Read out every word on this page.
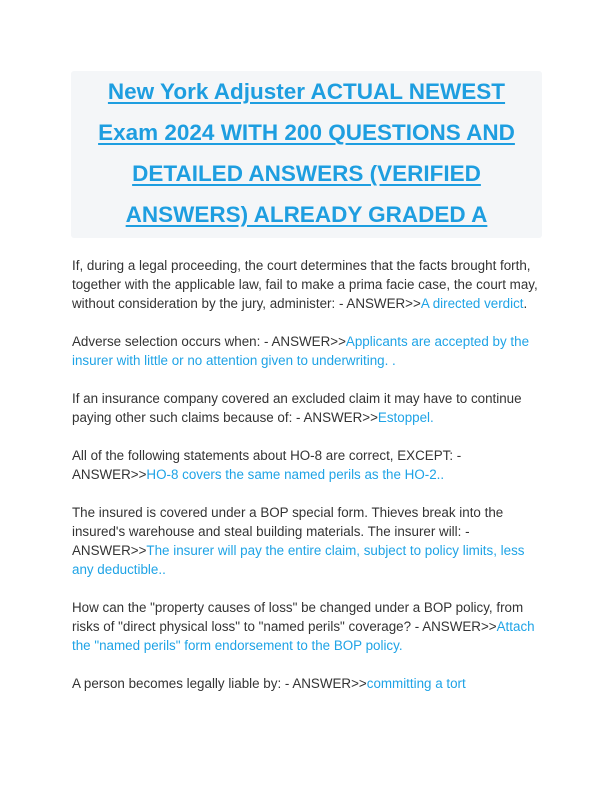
New York Adjuster ACTUAL NEWEST
Exam 2024 WITH 200 QUESTIONS AND
DETAILED ANSWERS (VERIFIED
ANSWERS) ALREADY GRADED A
If, during a legal proceeding, the court determines that the facts brought forth, together with the applicable law, fail to make a prima facie case, the court may, without consideration by the jury, administer: - ANSWER>>A directed verdict.
Adverse selection occurs when: - ANSWER>>Applicants are accepted by the insurer with little or no attention given to underwriting. .
If an insurance company covered an excluded claim it may have to continue paying other such claims because of: - ANSWER>>Estoppel.
All of the following statements about HO-8 are correct, EXCEPT: - ANSWER>>HO-8 covers the same named perils as the HO-2..
The insured is covered under a BOP special form. Thieves break into the insured's warehouse and steal building materials. The insurer will: - ANSWER>>The insurer will pay the entire claim, subject to policy limits, less any deductible..
How can the "property causes of loss" be changed under a BOP policy, from risks of "direct physical loss" to "named perils" coverage? - ANSWER>>Attach the "named perils" form endorsement to the BOP policy.
A person becomes legally liable by: - ANSWER>>committing a tort
